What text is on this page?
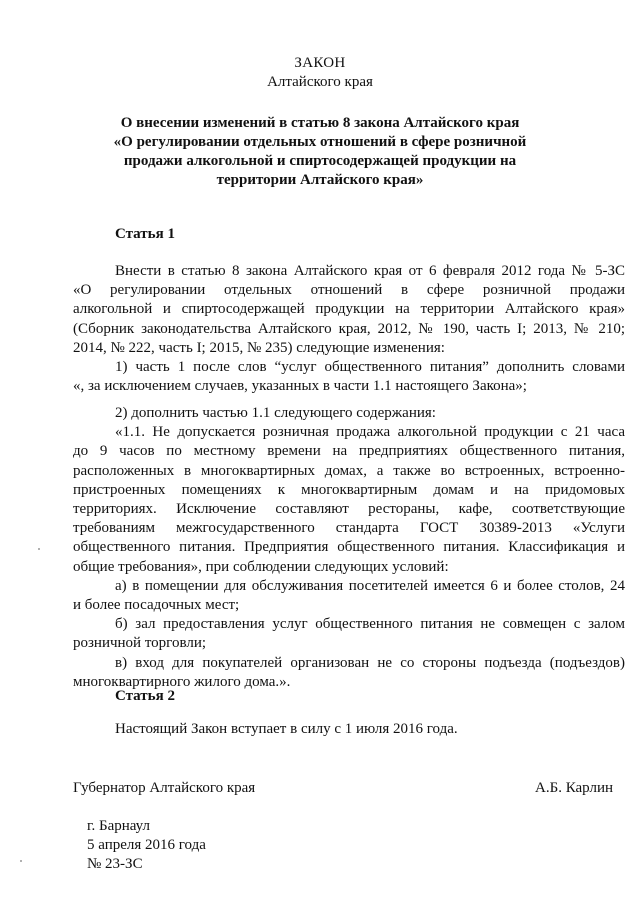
ЗАКОН
Алтайского края
О внесении изменений в статью 8 закона Алтайского края
«О регулировании отдельных отношений в сфере розничной
продажи алкогольной и спиртосодержащей продукции на
территории Алтайского края»
Статья 1
Внести в статью 8 закона Алтайского края от 6 февраля 2012 года № 5-ЗС
«О регулировании отдельных отношений в сфере розничной продажи
алкогольной и спиртосодержащей продукции на территории Алтайского края»
(Сборник законодательства Алтайского края, 2012, № 190, часть I; 2013, № 210;
2014, № 222, часть I; 2015, № 235) следующие изменения:
1) часть 1 после слов “услуг общественного питания” дополнить словами
«, за исключением случаев, указанных в части 1.1 настоящего Закона»;
2) дополнить частью 1.1 следующего содержания:
«1.1. Не допускается розничная продажа алкогольной продукции с 21 часа
до 9 часов по местному времени на предприятиях общественного питания,
расположенных в многоквартирных домах, а также во встроенных, встроенно-
пристроенных помещениях к многоквартирным домам и на придомовых
территориях. Исключение составляют рестораны, кафе, соответствующие
требованиям межгосударственного стандарта ГОСТ 30389-2013 «Услуги
общественного питания. Предприятия общественного питания. Классификация и
общие требования», при соблюдении следующих условий:
а) в помещении для обслуживания посетителей имеется 6 и более столов, 24
и более посадочных мест;
б) зал предоставления услуг общественного питания не совмещен с залом
розничной торговли;
в) вход для покупателей организован не со стороны подъезда (подъездов)
многоквартирного жилого дома.».
Статья 2
Настоящий Закон вступает в силу с 1 июля 2016 года.
Губернатор Алтайского края	А.Б. Карлин
г. Барнаул
5 апреля 2016 года
№ 23-ЗС
